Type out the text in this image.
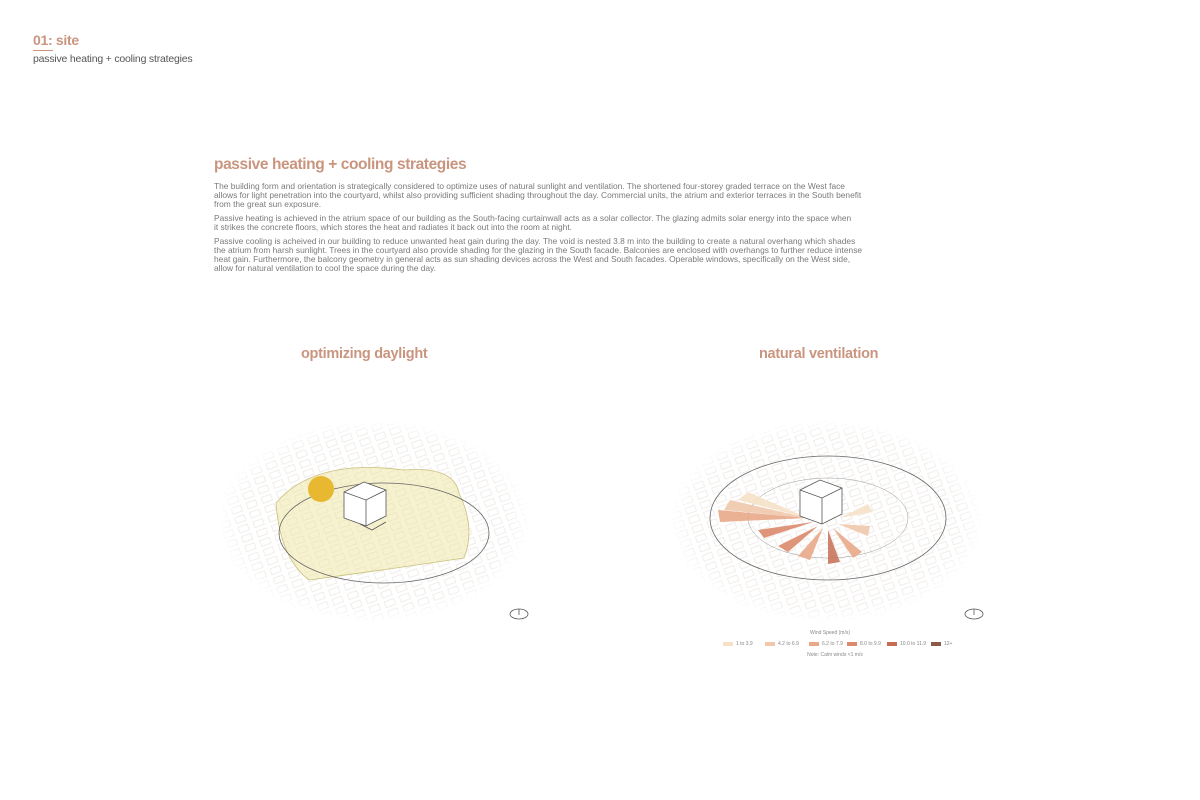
01: site
passive heating + cooling strategies
passive heating + cooling strategies
The building form and orientation is strategically considered to optimize uses of natural sunlight and ventilation. The shortened four-storey graded terrace on the West face
allows for light penetration into the courtyard, whilst also providing sufficient shading throughout the day. Commercial units, the atrium and exterior terraces in the South benefit
from the great sun exposure.
Passive heating is achieved in the atrium space of our building as the South-facing curtainwall acts as a solar collector. The glazing admits solar energy into the space when
it strikes the concrete floors, which stores the heat and radiates it back out into the room at night.
Passive cooling is acheived in our building to reduce unwanted heat gain during the day. The void is nested 3.8 m into the building to create a natural overhang which shades
the atrium from harsh sunlight. Trees in the courtyard also provide shading for the glazing in the South facade. Balconies are enclosed with overhangs to further reduce intense
heat gain. Furthermore, the balcony geometry in general acts as sun shading devices across the West and South facades. Operable windows, specifically on the West side,
allow for natural ventilation to cool the space during the day.
optimizing daylight	natural ventilation
Wind Speed (m/s)
1 to 3.9	4.2 to 6.9	6.2 to 7.9	8.0 to 9.9	10.0 to 11.9	12+
Note: Calm winds <1 m/s
